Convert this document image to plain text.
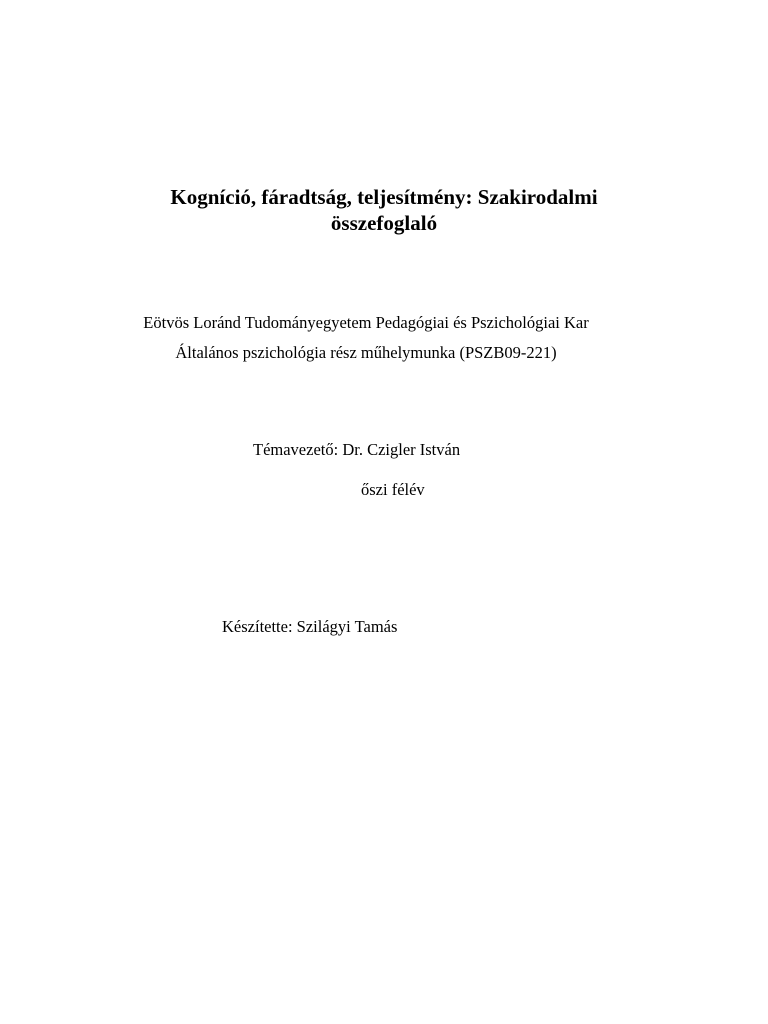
Kogníció, fáradtság, teljesítmény: Szakirodalmi
összefoglaló

Eötvös Loránd Tudományegyetem Pedagógiai és Pszichológiai Kar

Általános pszichológia rész műhelymunka (PSZB09-221)

Témavezető: Dr. Czigler István

őszi félév

Készítette: Szilágyi Tamás
